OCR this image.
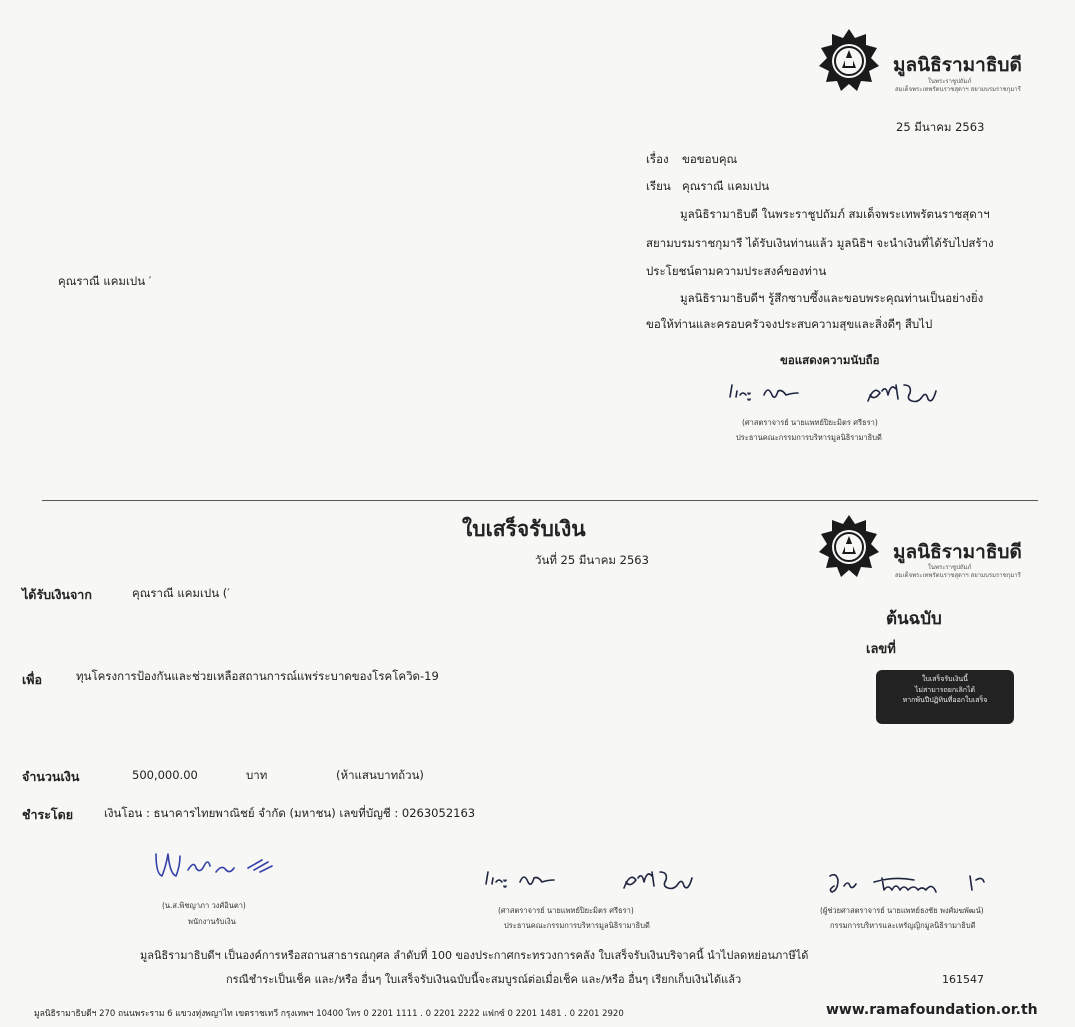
มูลนิธิรามาธิบดี
ในพระราชูปถัมภ์
สมเด็จพระเทพรัตนราชสุดาฯ สยามบรมราชกุมารี
25 มีนาคม 2563
เรื่อง ขอขอบคุณ
เรียน คุณราณี แคมเปน
มูลนิธิรามาธิบดี ในพระราชูปถัมภ์ สมเด็จพระเทพรัตนราชสุดาฯ
สยามบรมราชกุมารี ได้รับเงินท่านแล้ว มูลนิธิฯ จะนำเงินที่ได้รับไปสร้าง
ประโยชน์ตามความประสงค์ของท่าน
มูลนิธิรามาธิบดีฯ รู้สึกซาบซึ้งและขอบพระคุณท่านเป็นอย่างยิ่ง
ขอให้ท่านและครอบครัวจงประสบความสุขและสิ่งดีๆ สืบไป
คุณราณี แคมเปน ′
ขอแสดงความนับถือ
(ศาสตราจารย์ นายแพทย์ปิยะมิตร ศรีธรา)
ประธานคณะกรรมการบริหารมูลนิธิรามาธิบดี
ใบเสร็จรับเงิน
วันที่ 25 มีนาคม 2563	มูลนิธิรามาธิบดี
ในพระราชูปถัมภ์
สมเด็จพระเทพรัตนราชสุดาฯ สยามบรมราชกุมารี
ต้นฉบับ
เลขที่
ได้รับเงินจาก	คุณราณี แคมเปน (′
เพื่อ	ทุนโครงการป้องกันและช่วยเหลือสถานการณ์แพร่ระบาดของโรคโควิด-19	ใบเสร็จรับเงินนี้
ไม่สามารถยกเลิกได้
หากพ้นปีปฏิทินที่ออกใบเสร็จ
จำนวนเงิน	500,000.00	บาท	(ห้าแสนบาทถ้วน)
ชำระโดย	เงินโอน : ธนาคารไทยพาณิชย์ จำกัด (มหาชน) เลขที่บัญชี : 0263052163
(น.ส.พิชญาภา วงศ์อินตา)
พนักงานรับเงิน
(ศาสตราจารย์ นายแพทย์ปิยะมิตร ศรีธรา)
ประธานคณะกรรมการบริหารมูลนิธิรามาธิบดี
(ผู้ช่วยศาสตราจารย์ นายแพทย์ธงชัย พงศ์มฆพัฒน์)
กรรมการบริหารและเหรัญญิกมูลนิธิรามาธิบดี
มูลนิธิรามาธิบดีฯ เป็นองค์การหรือสถานสาธารณกุศล ลำดับที่ 100 ของประกาศกระทรวงการคลัง ใบเสร็จรับเงินบริจาคนี้ นำไปลดหย่อนภาษีได้
กรณีชำระเป็นเช็ค และ/หรือ อื่นๆ ใบเสร็จรับเงินฉบับนี้จะสมบูรณ์ต่อเมื่อเช็ค และ/หรือ อื่นๆ เรียกเก็บเงินได้แล้ว	161547
มูลนิธิรามาธิบดีฯ 270 ถนนพระราม 6 แขวงทุ่งพญาไท เขตราชเทวี กรุงเทพฯ 10400 โทร 0 2201 1111 . 0 2201 2222 แฟกซ์ 0 2201 1481 . 0 2201 2920	www.ramafoundation.or.th
